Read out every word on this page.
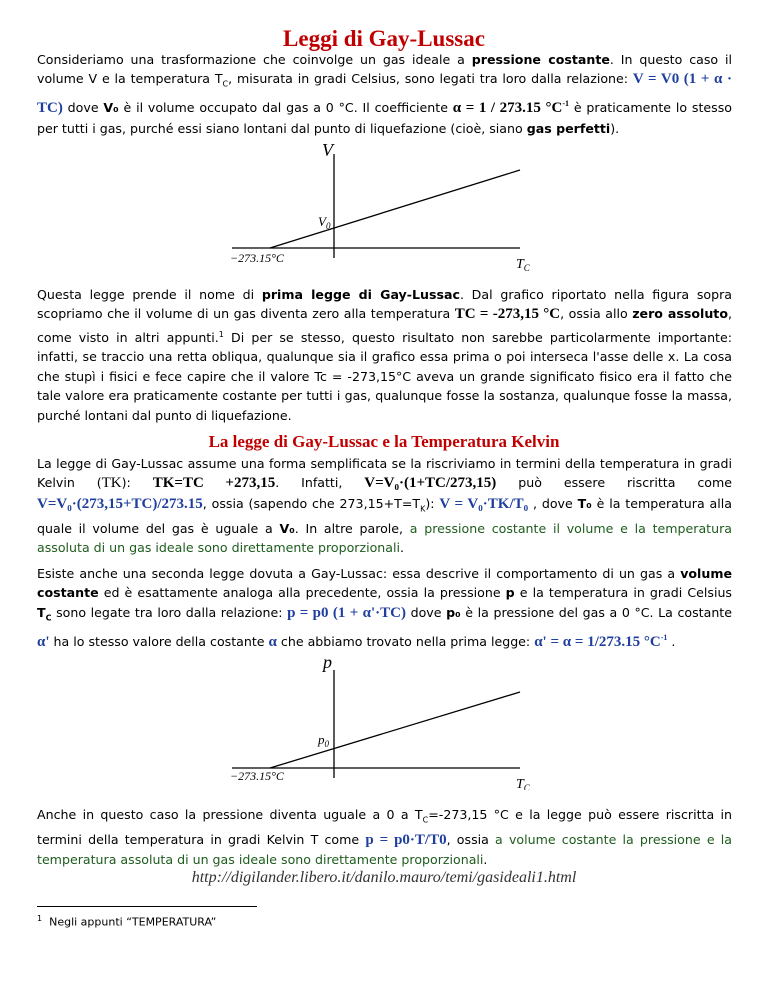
Leggi di Gay-Lussac

Consideriamo una trasformazione che coinvolge un gas ideale a pressione costante. In questo caso il volume V e la temperatura $T_C$, misurata in gradi Celsius, sono legati tra loro dalla relazione: V = V0 (1 + α · TC) dove V₀ è il volume occupato dal gas a 0 °C. Il coefficiente α = 1 / 273.15 $^\circ C^{-1}$ è praticamente lo stesso per tutti i gas, purché essi siano lontani dal punto di liquefazione (cioè, siano gas perfetti).

V
$V_0$
−273.15°C	$T_C$

Questa legge prende il nome di prima legge di Gay-Lussac. Dal grafico riportato nella figura sopra scopriamo che il volume di un gas diventa zero alla temperatura TC = -273,15 °C, ossia allo zero assoluto, come visto in altri appunti.$^1$ Di per se stesso, questo risultato non sarebbe particolarmente importante: infatti, se traccio una retta obliqua, qualunque sia il grafico essa prima o poi interseca l'asse delle x. La cosa che stupì i fisici e fece capire che il valore Tc = -273,15°C aveva un grande significato fisico era il fatto che tale valore era praticamente costante per tutti i gas, qualunque fosse la sostanza, qualunque fosse la massa, purché lontani dal punto di liquefazione.

La legge di Gay-Lussac e la Temperatura Kelvin

La legge di Gay-Lussac assume una forma semplificata se la riscriviamo in termini della temperatura in gradi Kelvin (TK): TK=TC +273,15. Infatti, V=V₀·(1+TC/273,15) può essere riscritta come V=V₀·(273,15+TC)/273.15, ossia (sapendo che $273,15+T=T_K$): V = V₀·TK/T₀ , dove T₀ è la temperatura alla quale il volume del gas è uguale a V₀. In altre parole, a pressione costante il volume e la temperatura assoluta di un gas ideale sono direttamente proporzionali.

Esiste anche una seconda legge dovuta a Gay-Lussac: essa descrive il comportamento di un gas a volume costante ed è esattamente analoga alla precedente, ossia la pressione p e la temperatura in gradi Celsius $T_C$ sono legate tra loro dalla relazione: p = p0 (1 + α'·TC) dove p₀ è la pressione del gas a 0 °C. La costante α' ha lo stesso valore della costante α che abbiamo trovato nella prima legge: α' = α = 1/273.15 $^\circ C^{-1}$ .

p
$p_0$
−273.15°C
$T_C$

Anche in questo caso la pressione diventa uguale a 0 a $T_C=-273,15$ °C e la legge può essere riscritta in termini della temperatura in gradi Kelvin T come p = p0·T/T0, ossia a volume costante la pressione e la temperatura assoluta di un gas ideale sono direttamente proporzionali.

http://digilander.libero.it/danilo.mauro/temi/gasideali1.html
$^1$ Negli appunti “TEMPERATURA”
